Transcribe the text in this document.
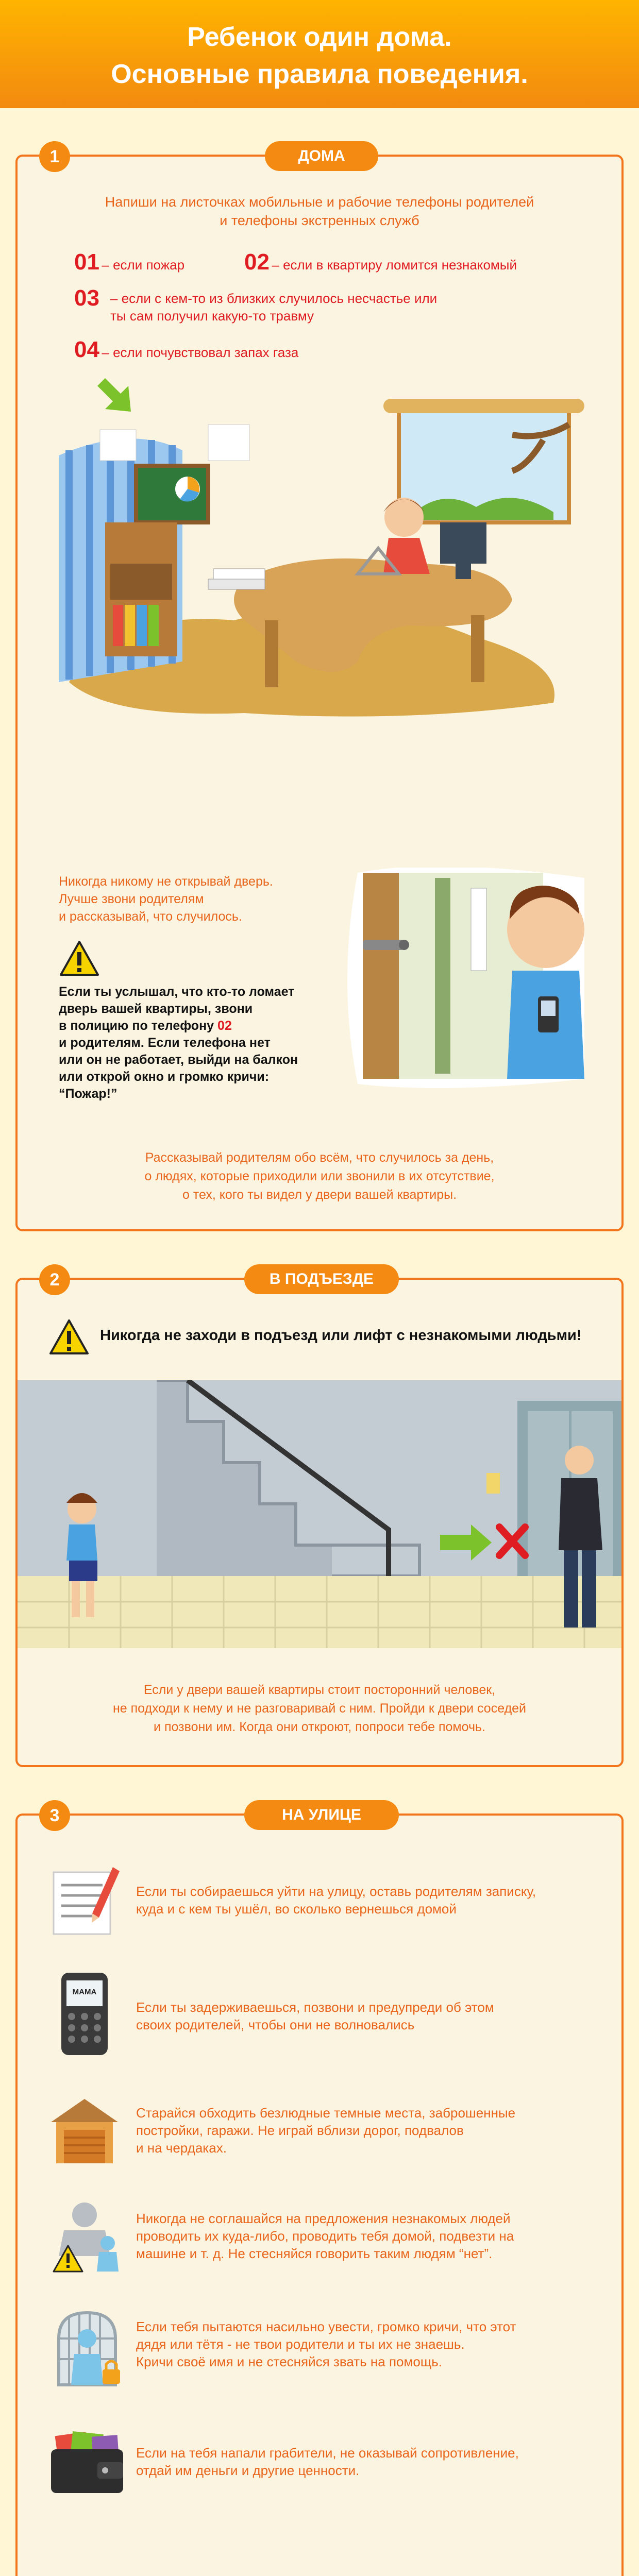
Ребенок один дома.
Основные правила поведения.
1	ДОМА
Напиши на листочках мобильные и рабочие телефоны родителей
и телефоны экстренных служб
01 – если пожар	02 – если в квартиру ломится незнакомый
03 – если с кем-то из близких случилось несчастье или ты сам получил какую-то травму
04 – если почувствовал запах газа
Никогда никому не открывай дверь.
Лучше звони родителям
и рассказывай, что случилось.
Если ты услышал, что кто-то ломает
дверь вашей квартиры, звони
в полицию по телефону 02
и родителям. Если телефона нет
или он не работает, выйди на балкон
или открой окно и громко кричи:
“Пожар!”
Рассказывай родителям обо всём, что случилось за день,
о людях, которые приходили или звонили в их отсутствие,
о тех, кого ты видел у двери вашей квартиры.
2	В ПОДЪЕЗДЕ
Никогда не заходи в подъезд или лифт с незнакомыми людьми!
Если у двери вашей квартиры стоит посторонний человек,
не подходи к нему и не разговаривай с ним. Пройди к двери соседей
и позвони им. Когда они откроют, попроси тебе помочь.
3	НА УЛИЦЕ
Если ты собираешься уйти на улицу, оставь родителям записку,
куда и с кем ты ушёл, во сколько вернешься домой
МАМА
Если ты задерживаешься, позвони и предупреди об этом
своих родителей, чтобы они не волновались
Старайся обходить безлюдные темные места, заброшенные
постройки, гаражи. Не играй вблизи дорог, подвалов
и на чердаках.
Никогда не соглашайся на предложения незнакомых людей
проводить их куда-либо, проводить тебя домой, подвезти на
машине и т. д. Не стесняйся говорить таким людям “нет”.
Если тебя пытаются насильно увести, громко кричи, что этот
дядя или тётя - не твои родители и ты их не знаешь.
Кричи своё имя и не стесняйся звать на помощь.
Если на тебя напали грабители, не оказывай сопротивление,
отдай им деньги и другие ценности.
